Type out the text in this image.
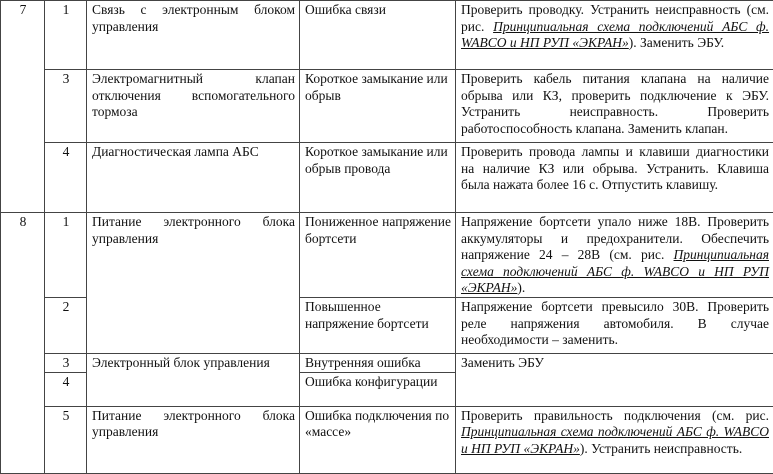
7	1	Связь с электронным блоком управления	Ошибка связи	Проверить проводку. Устранить неисправность (см. рис. Принципиальная схема подключений АБС ф. WABCO и НП РУП «ЭКРАН»). Заменить ЭБУ.
	3	Электромагнитный клапан отключения вспомогательного тормоза	Короткое замыкание или обрыв	Проверить кабель питания клапана на наличие обрыва или КЗ, проверить подключение к ЭБУ. Устранить неисправность. Проверить работоспособность клапана. Заменить клапан.
	4	Диагностическая лампа АБС	Короткое замыкание или обрыв провода	Проверить провода лампы и клавиши диагностики на наличие КЗ или обрыва. Устранить. Клавиша была нажата более 16 с. Отпустить клавишу.
8	1	Питание электронного блока управления	Пониженное напряжение бортсети	Напряжение бортсети упало ниже 18В. Проверить аккумуляторы и предохранители. Обеспечить напряжение 24 – 28В (см. рис. Принципиальная схема подключений АБС ф. WABCO и НП РУП «ЭКРАН»).
	2		Повышенное напряжение бортсети	Напряжение бортсети превысило 30В. Проверить реле напряжения автомобиля. В случае необходимости – заменить.
	3	Электронный блок управления	Внутренняя ошибка	Заменить ЭБУ
	4		Ошибка конфигурации	
	5	Питание электронного блока управления	Ошибка подключения по «массе»	Проверить правильность подключения (см. рис. Принципиальная схема подключений АБС ф. WABCO и НП РУП «ЭКРАН»). Устранить неисправность.
